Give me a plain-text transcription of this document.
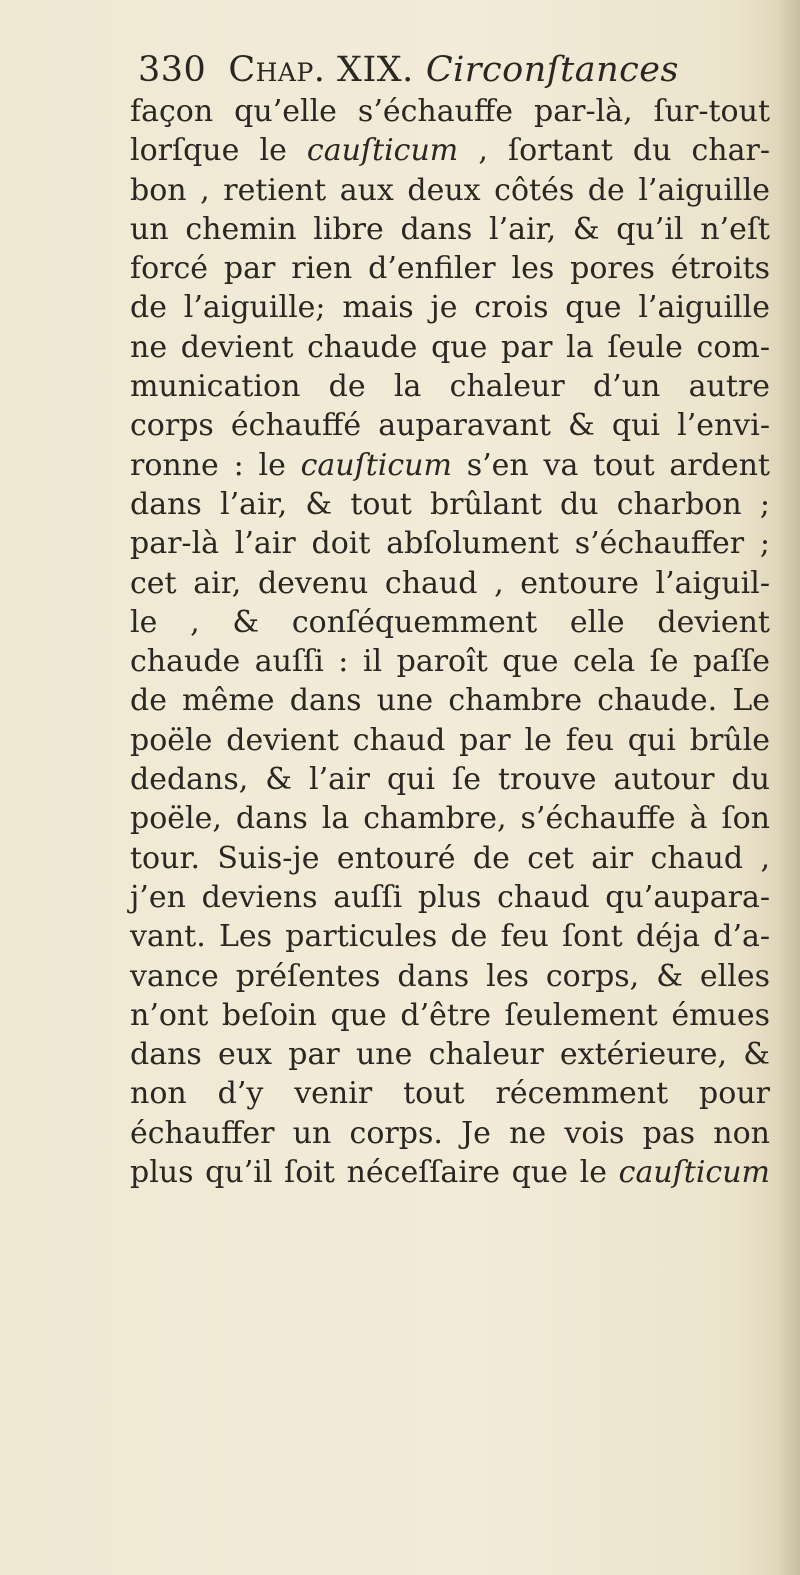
330 Chap. XIX. Circonſtances
façon qu’elle s’échauffe par-là, ſur-tout
lorſque le cauſticum , ſortant du char-
bon , retient aux deux côtés de l’aiguille
un chemin libre dans l’air, & qu’il n’eſt
forcé par rien d’enfiler les pores étroits
de l’aiguille; mais je crois que l’aiguille
ne devient chaude que par la ſeule com-
munication de la chaleur d’un autre
corps échauffé auparavant & qui l’envi-
ronne : le cauſticum s’en va tout ardent
dans l’air, & tout brûlant du charbon ;
par-là l’air doit abſolument s’échauffer ;
cet air, devenu chaud , entoure l’aiguil-
le , & conſéquemment elle devient
chaude auſſi : il paroît que cela ſe paſſe
de même dans une chambre chaude. Le
poële devient chaud par le feu qui brûle
dedans, & l’air qui ſe trouve autour du
poële, dans la chambre, s’échauffe à ſon
tour. Suis-je entouré de cet air chaud ,
j’en deviens auſſi plus chaud qu’aupara-
vant. Les particules de feu ſont déja d’a-
vance préſentes dans les corps, & elles
n’ont beſoin que d’être ſeulement émues
dans eux par une chaleur extérieure, &
non d’y venir tout récemment pour
échauffer un corps. Je ne vois pas non
plus qu’il ſoit néceſſaire que le cauſticum
